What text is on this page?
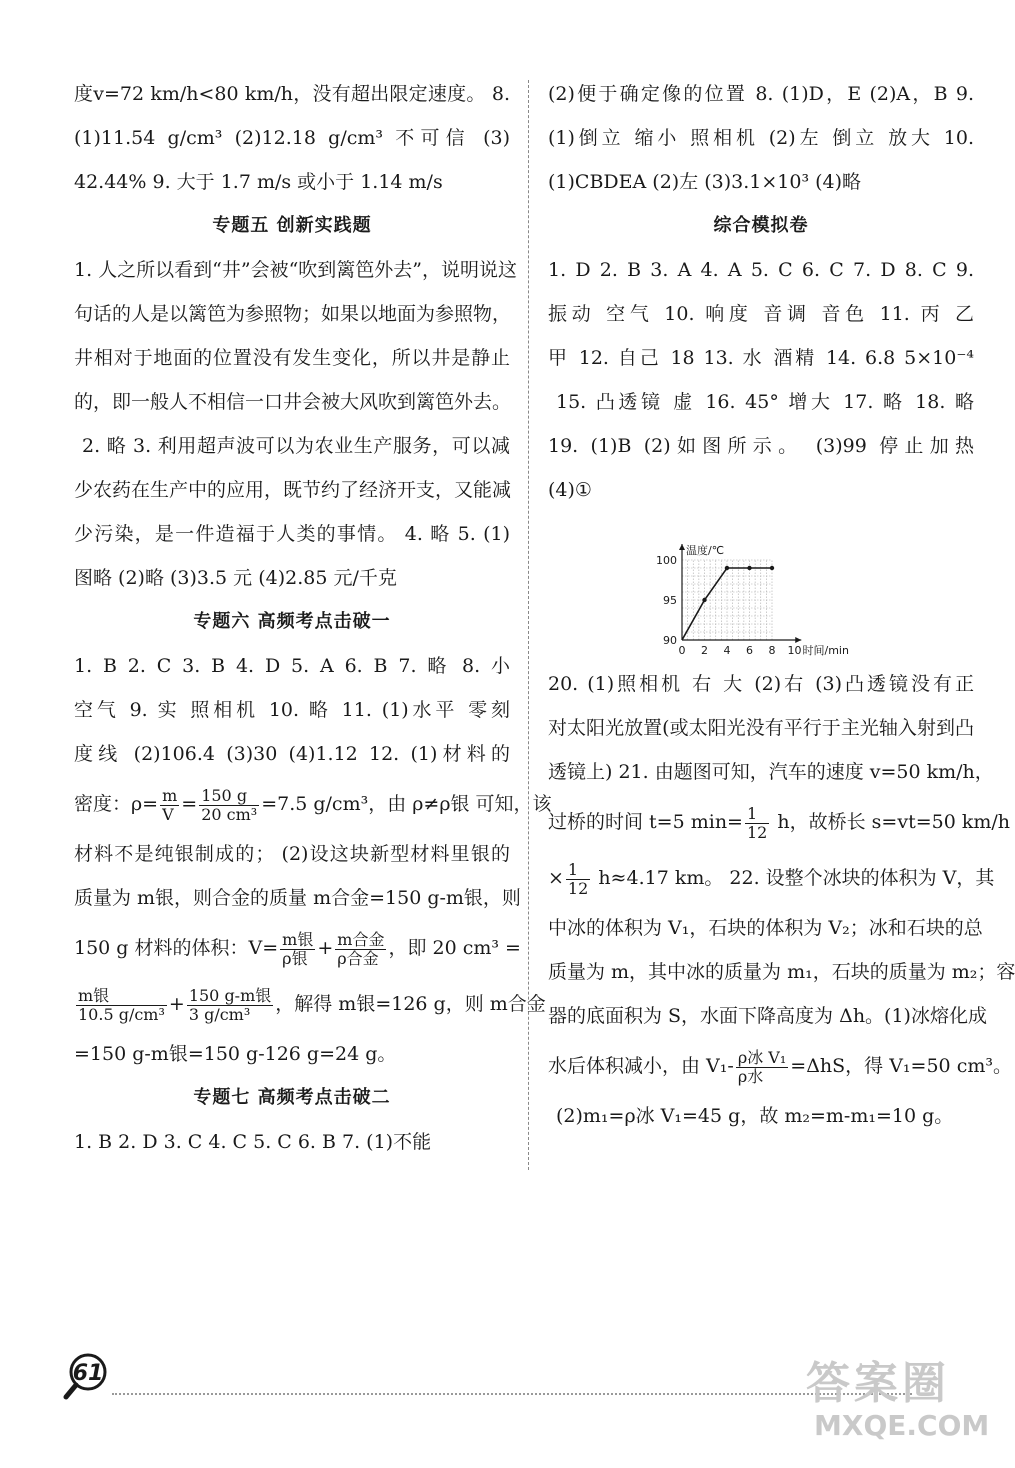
度v=72 km/h<80 km/h，没有超出限定速度。 8.
(1)11.54 g/cm³ (2)12.18 g/cm³ 不可信 (3)
42.44% 9. 大于 1.7 m/s 或小于 1.14 m/s
专题五 创新实践题
1. 人之所以看到“井”会被“吹到篱笆外去”，说明说这
句话的人是以篱笆为参照物；如果以地面为参照物，
井相对于地面的位置没有发生变化，所以井是静止
的，即一般人不相信一口井会被大风吹到篱笆外去。
2. 略 3. 利用超声波可以为农业生产服务，可以减
少农药在生产中的应用，既节约了经济开支，又能减
少污染，是一件造福于人类的事情。 4. 略 5. (1)
图略 (2)略 (3)3.5 元 (4)2.85 元/千克
专题六 高频考点击破一
1. B 2. C 3. B 4. D 5. A 6. B 7. 略 8. 小
空气 9. 实 照相机 10. 略 11. (1)水平 零刻
度线 (2)106.4 (3)30 (4)1.12 12. (1)材料的
密度：$\rho= \frac{m}{V} = \frac{150 g}{\text{20 cm³}} =7.5$ g/cm³，由 ρ≠ρ银 可知，该
材料不是纯银制成的； (2)设这块新型材料里银的
质量为 m银，则合金的质量 m合金=150 g-m银，则
150 g 材料的体积：$V= \frac{\text{m银}}{\text{ρ银}} + \frac{\text{m合金}}{\text{ρ合金}}$ ，即 20 cm³ =
$\frac{\text{m银}}{\text{10.5 g/cm³}} + \frac{\text{150 g-m银}}{\text{3 g/cm³}}$ ，解得 m银=126 g，则 m合金
=150 g-m银=150 g-126 g=24 g。
专题七 高频考点击破二
1. B 2. D 3. C 4. C 5. C 6. B 7. (1)不能
(2)便于确定像的位置 8. (1)D，E (2)A，B 9.
(1)倒立 缩小 照相机 (2)左 倒立 放大 10.
(1)CBDEA (2)左 (3)3.1×10³ (4)略
综合模拟卷
1. D 2. B 3. A 4. A 5. C 6. C 7. D 8. C 9.
振动 空气 10. 响度 音调 音色 11. 丙 乙
甲 12. 自己 18 13. 水 酒精 14. 6.8 5×10⁻⁴
15. 凸透镜 虚 16. 45° 增大 17. 略 18. 略
19. (1)B (2)如图所示。 (3)99 停止加热
(4)①
90
95
100
0 2 4 6 8 10
温度/℃
时间/min
20. (1)照相机 右 大 (2)右 (3)凸透镜没有正
对太阳光放置(或太阳光没有平行于主光轴入射到凸
透镜上) 21. 由题图可知，汽车的速度 v=50 km/h，
过桥的时间 t=5 $\min= \frac{1}{12}$ h，故桥长 s=vt=50 km/h
× $\frac{1}{12} h\approx 4.17$ km。 22. 设整个冰块的体积为 V，其
中冰的体积为 V₁，石块的体积为 V₂；冰和石块的总
质量为 m，其中冰的质量为 m₁，石块的质量为 m₂；容
器的底面积为 S，水面下降高度为 Δh。(1)冰熔化成
水后体积减小，由 $V_1- \frac{\text{ρ冰 V₁}}{\text{ρ水}} =\Delta hS$，得 V₁=50 cm³。
(2)m₁=ρ冰 V₁=45 g，故 m₂=m-m₁=10 g。
61	答案圈
MXQE.COM
